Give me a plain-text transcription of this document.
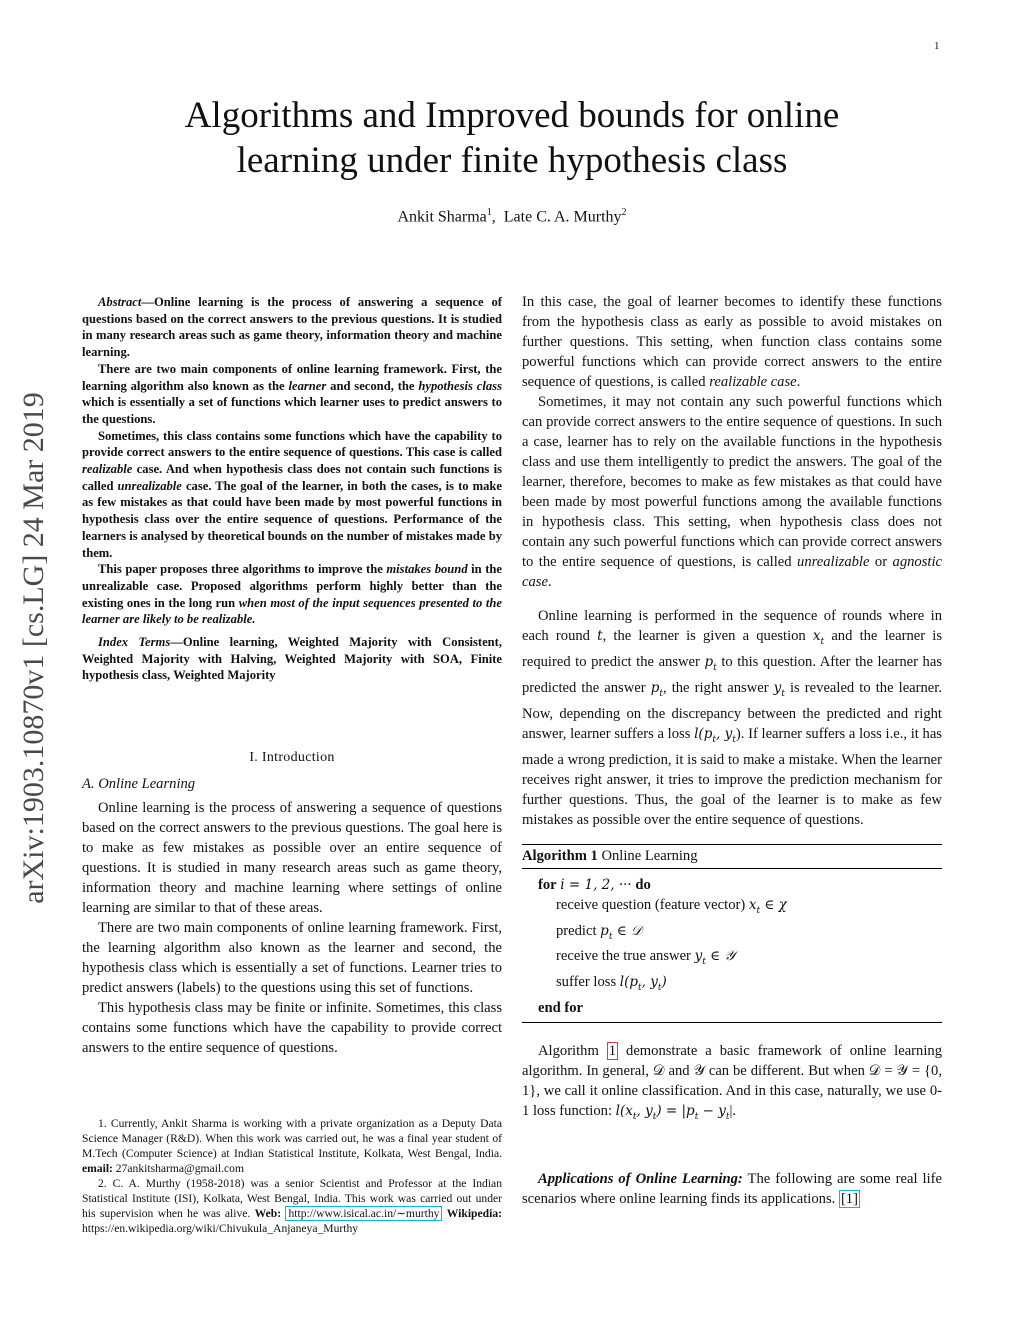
1
arXiv:1903.10870v1 [cs.LG] 24 Mar 2019
Algorithms and Improved bounds for online
learning under finite hypothesis class
Ankit Sharma$^1$,  Late C. A. Murthy$^2$

Abstract—Online learning is the process of answering a sequence of questions based on the correct answers to the previous questions. It is studied in many research areas such as game theory, information theory and machine learning.

There are two main components of online learning framework. First, the learning algorithm also known as the learner and second, the hypothesis class which is essentially a set of functions which learner uses to predict answers to the questions.

Sometimes, this class contains some functions which have the capability to provide correct answers to the entire sequence of questions. This case is called realizable case. And when hypothesis class does not contain such functions is called unrealizable case. The goal of the learner, in both the cases, is to make as few mistakes as that could have been made by most powerful functions in hypothesis class over the entire sequence of questions. Performance of the learners is analysed by theoretical bounds on the number of mistakes made by them.

This paper proposes three algorithms to improve the mistakes bound in the unrealizable case. Proposed algorithms perform highly better than the existing ones in the long run when most of the input sequences presented to the learner are likely to be realizable.

Index Terms—Online learning, Weighted Majority with Consistent, Weighted Majority with Halving, Weighted Majority with SOA, Finite hypothesis class, Weighted Majority

I. Introduction
A. Online Learning

Online learning is the process of answering a sequence of questions based on the correct answers to the previous questions. The goal here is to make as few mistakes as possible over an entire sequence of questions. It is studied in many research areas such as game theory, information theory and machine learning where settings of online learning are similar to that of these areas.

There are two main components of online learning framework. First, the learning algorithm also known as the learner and second, the hypothesis class which is essentially a set of functions. Learner tries to predict answers (labels) to the questions using this set of functions.

This hypothesis class may be finite or infinite. Sometimes, this class contains some functions which have the capability to provide correct answers to the entire sequence of questions.

1. Currently, Ankit Sharma is working with a private organization as a Deputy Data Science Manager (R&D). When this work was carried out, he was a final year student of M.Tech (Computer Science) at Indian Statistical Institute, Kolkata, West Bengal, India. email: 27ankitsharma@gmail.com

2. C. A. Murthy (1958-2018) was a senior Scientist and Professor at the Indian Statistical Institute (ISI), Kolkata, West Bengal, India. This work was carried out under his supervision when he was alive. Web: http://www.isical.ac.in/∼murthy Wikipedia: https://en.wikipedia.org/wiki/Chivukula_Anjaneya_Murthy

In this case, the goal of learner becomes to identify these functions from the hypothesis class as early as possible to avoid mistakes on further questions. This setting, when function class contains some powerful functions which can provide correct answers to the entire sequence of questions, is called realizable case.

Sometimes, it may not contain any such powerful functions which can provide correct answers to the entire sequence of questions. In such a case, learner has to rely on the available functions in the hypothesis class and use them intelligently to predict the answers. The goal of the learner, therefore, becomes to make as few mistakes as that could have been made by most powerful functions among the available functions in hypothesis class. This setting, when hypothesis class does not contain any such powerful functions which can provide correct answers to the entire sequence of questions, is called unrealizable or agnostic case.

Online learning is performed in the sequence of rounds where in each round t, the learner is given a question $x_t$ and the learner is required to predict the answer $p_t$ to this question. After the learner has predicted the answer $p_t$, the right answer $y_t$ is revealed to the learner. Now, depending on the discrepancy between the predicted and right answer, learner suffers a loss $l(p_t$, $y_t$). If learner suffers a loss i.e., it has made a wrong prediction, it is said to make a mistake. When the learner receives right answer, it tries to improve the prediction mechanism for further questions. Thus, the goal of the learner is to make as few mistakes as possible over the entire sequence of questions.

Algorithm 1 Online Learning
for i = 1, 2, ··· do
receive question (feature vector) $x_t$ ∈ χ
predict $p_t$ ∈ 𝒟
receive the true answer $y_t$ ∈ 𝒴
suffer loss $l(p_t$, $y_t$)
end for

Algorithm 1 demonstrate a basic framework of online learning algorithm. In general, 𝒟 and 𝒴 can be different. But when 𝒟 = 𝒴 = {0, 1}, we call it online classification. And in this case, naturally, we use 0-1 loss function: $l(x_t$, $y_t) = |p_t - y_t|$.

Applications of Online Learning: The following are some real life scenarios where online learning finds its applications. [1]
